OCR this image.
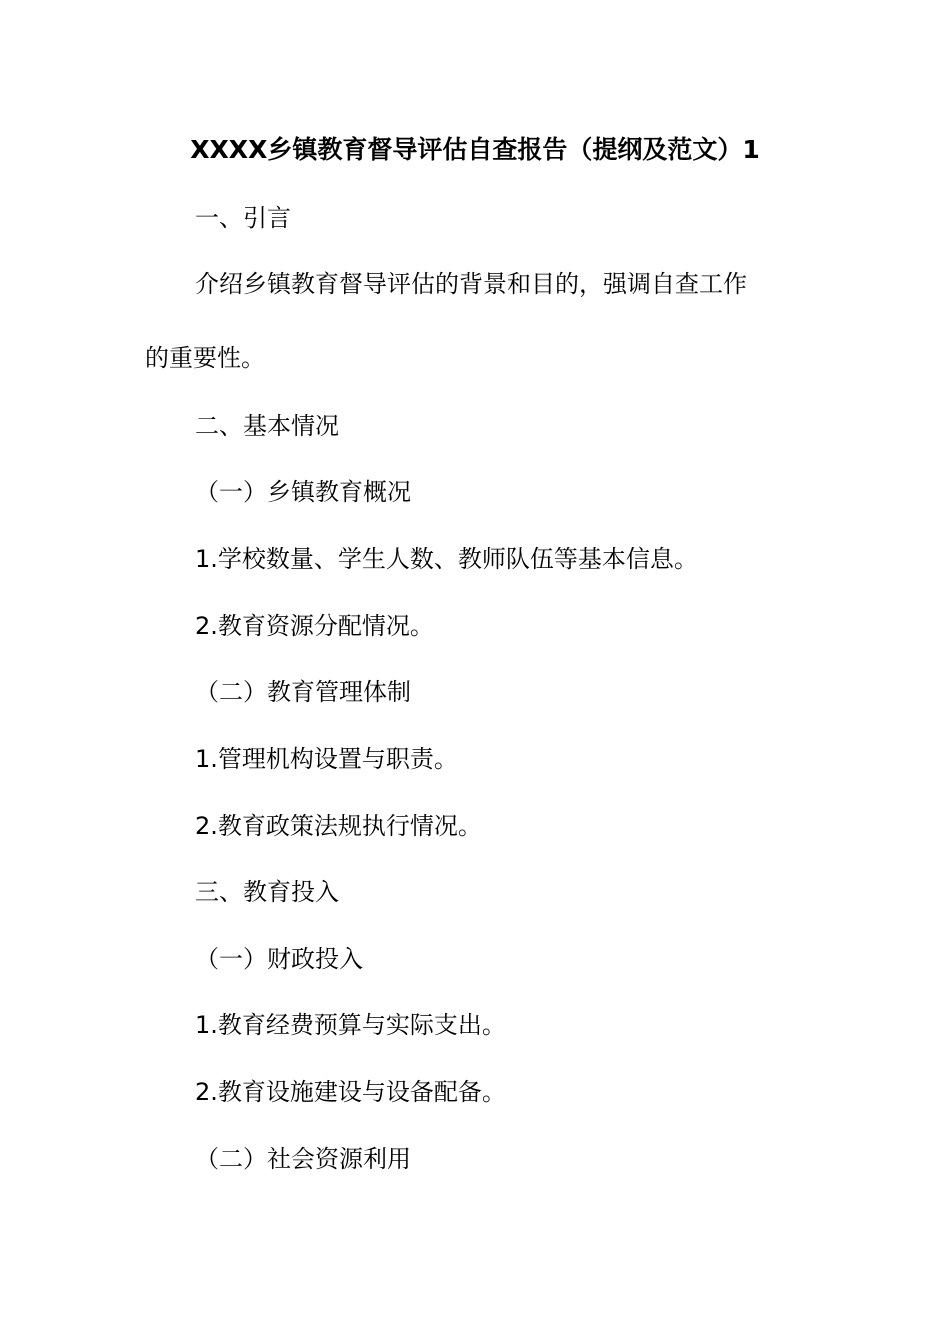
XXXX乡镇教育督导评估自查报告（提纲及范文）1
一、引言
介绍乡镇教育督导评估的背景和目的，强调自查工作
的重要性。
二、基本情况
（一）乡镇教育概况
1.学校数量、学生人数、教师队伍等基本信息。
2.教育资源分配情况。
（二）教育管理体制
1.管理机构设置与职责。
2.教育政策法规执行情况。
三、教育投入
（一）财政投入
1.教育经费预算与实际支出。
2.教育设施建设与设备配备。
（二）社会资源利用
